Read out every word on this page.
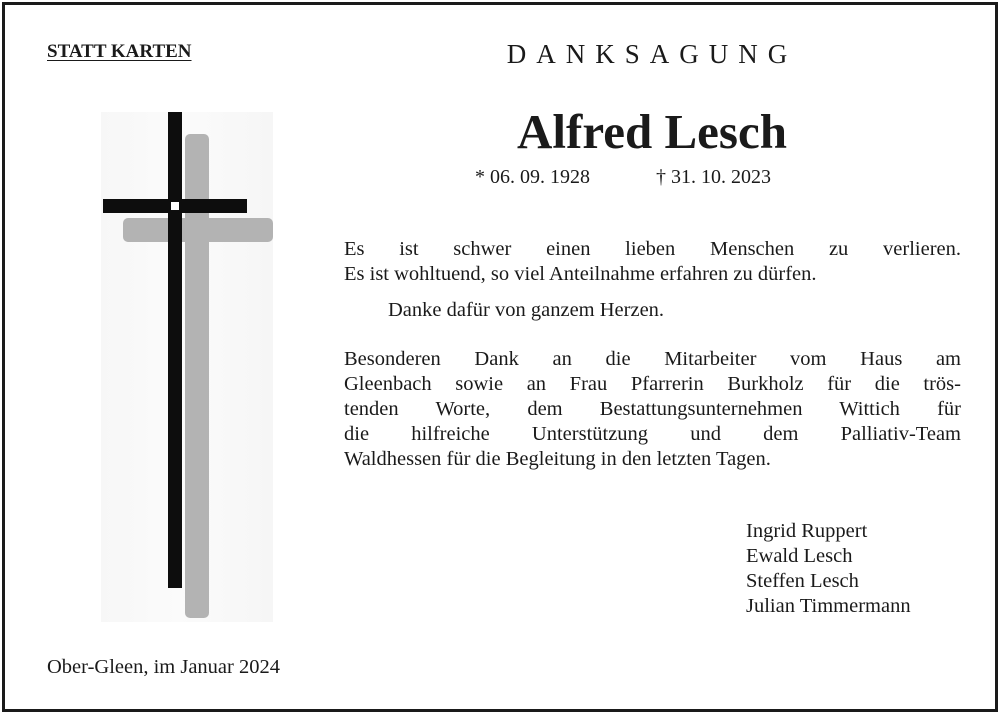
STATT KARTEN	DANKSAGUNG
Alfred Lesch
* 06. 09. 1928	† 31. 10. 2023
Es ist schwer einen lieben Menschen zu verlieren.
Es ist wohltuend, so viel Anteilnahme erfahren zu dürfen.
Danke dafür von ganzem Herzen.
Besonderen Dank an die Mitarbeiter vom Haus am
Gleenbach sowie an Frau Pfarrerin Burkholz für die trös-
tenden Worte, dem Bestattungsunternehmen Wittich für
die hilfreiche Unterstützung und dem Palliativ-Team
Waldhessen für die Begleitung in den letzten Tagen.
Ingrid Ruppert
Ewald Lesch
Steffen Lesch
Julian Timmermann
Ober-Gleen, im Januar 2024
